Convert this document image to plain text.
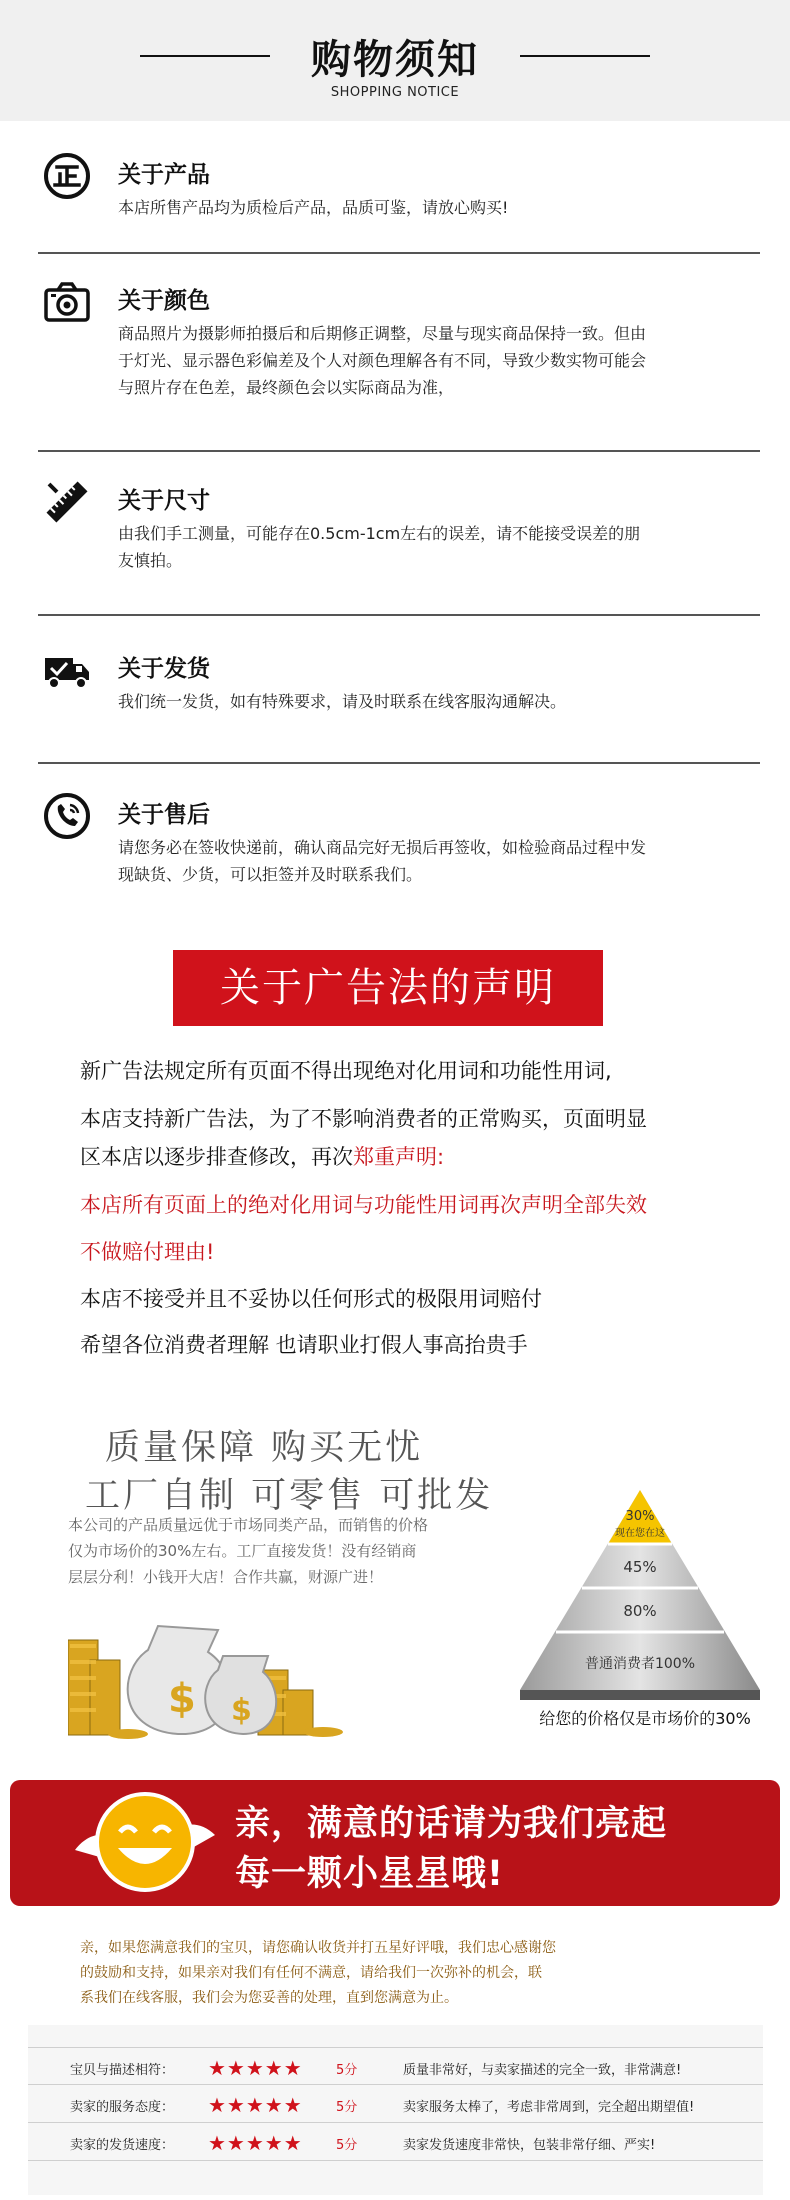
购物须知
SHOPPING NOTICE
关于产品
本店所售产品均为质检后产品，品质可鉴，请放心购买!
关于颜色
商品照片为摄影师拍摄后和后期修正调整，尽量与现实商品保持一致。但由
于灯光、显示器色彩偏差及个人对颜色理解各有不同，导致少数实物可能会
与照片存在色差，最终颜色会以实际商品为准，
关于尺寸
由我们手工测量，可能存在0.5cm-1cm左右的误差，请不能接受误差的朋
友慎拍。
关于发货
我们统一发货，如有特殊要求，请及时联系在线客服沟通解决。
关于售后
请您务必在签收快递前，确认商品完好无损后再签收，如检验商品过程中发
现缺货、少货，可以拒签并及时联系我们。
关于广告法的声明
新广告法规定所有页面不得出现绝对化用词和功能性用词,
本店支持新广告法，为了不影响消费者的正常购买，页面明显
区本店以逐步排查修改，再次郑重声明:
本店所有页面上的绝对化用词与功能性用词再次声明全部失效
不做赔付理由!
本店不接受并且不妥协以任何形式的极限用词赔付
希望各位消费者理解 也请职业打假人事高抬贵手
质量保障 购买无忧
工厂自制 可零售 可批发
本公司的产品质量远优于市场同类产品，而销售的价格
仅为市场价的30%左右。工厂直接发货！没有经销商
层层分利！小钱开大店！合作共赢，财源广进！
$ $
30%
现在您在这
45%
80%
普通消费者100%
给您的价格仅是市场价的30%
亲，满意的话请为我们亮起
每一颗小星星哦!
亲，如果您满意我们的宝贝，请您确认收货并打五星好评哦，我们忠心感谢您
的鼓励和支持，如果亲对我们有任何不满意，请给我们一次弥补的机会，联
系我们在线客服，我们会为您妥善的处理，直到您满意为止。
宝贝与描述相符： ★★★★★	5分	质量非常好，与卖家描述的完全一致，非常满意!
卖家的服务态度： ★★★★★	5分	卖家服务太棒了，考虑非常周到，完全超出期望值!
卖家的发货速度： ★★★★★	5分	卖家发货速度非常快，包装非常仔细、严实!
